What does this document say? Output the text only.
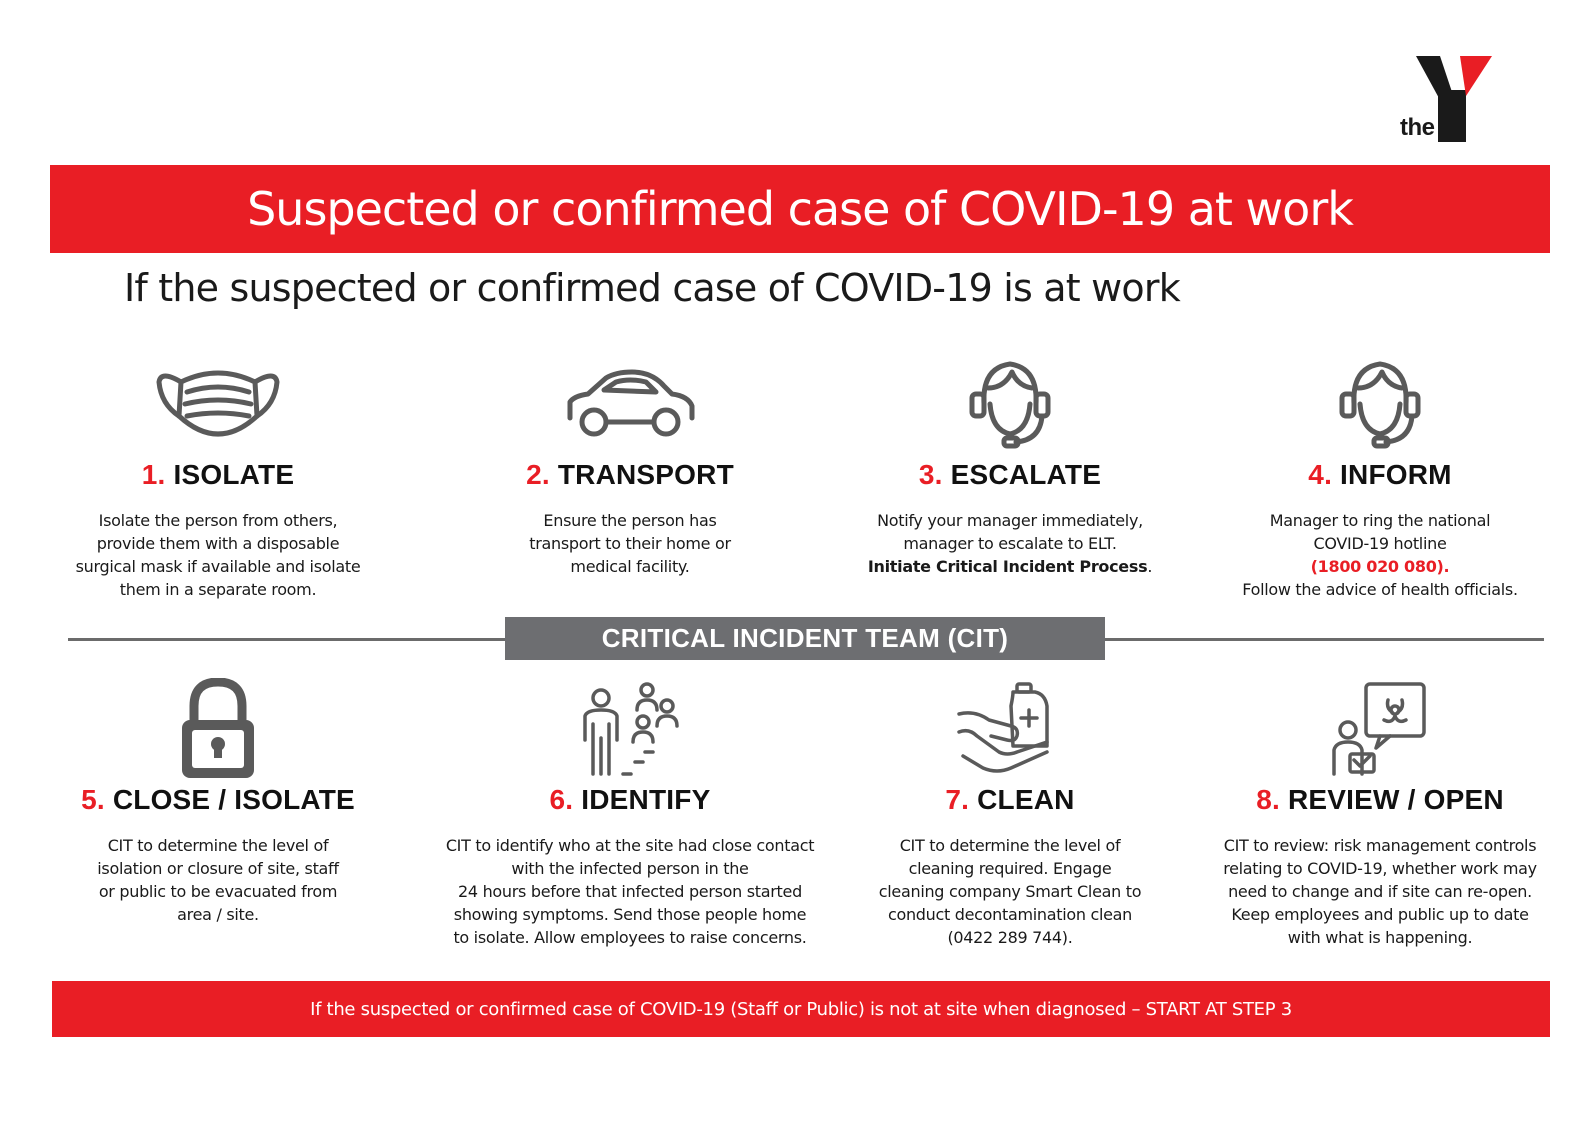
the
Suspected or confirmed case of COVID-19 at work
If the suspected or confirmed case of COVID-19 is at work
1. ISOLATE
Isolate the person from others,
provide them with a disposable
surgical mask if available and isolate
them in a separate room.
2. TRANSPORT
Ensure the person has
transport to their home or
medical facility.
3. ESCALATE
Notify your manager immediately,
manager to escalate to ELT.
Initiate Critical Incident Process.
4. INFORM
Manager to ring the national
COVID-19 hotline
(1800 020 080).
Follow the advice of health officials.
CRITICAL INCIDENT TEAM (CIT)
5. CLOSE / ISOLATE
CIT to determine the level of
isolation or closure of site, staff
or public to be evacuated from
area / site.
6. IDENTIFY
CIT to identify who at the site had close contact
with the infected person in the
24 hours before that infected person started
showing symptoms. Send those people home
to isolate. Allow employees to raise concerns.
7. CLEAN
CIT to determine the level of
cleaning required. Engage
cleaning company Smart Clean to
conduct decontamination clean
(0422 289 744).
8. REVIEW / OPEN
CIT to review: risk management controls
relating to COVID-19, whether work may
need to change and if site can re-open.
Keep employees and public up to date
with what is happening.
If the suspected or confirmed case of COVID-19 (Staff or Public) is not at site when diagnosed – START AT STEP 3
